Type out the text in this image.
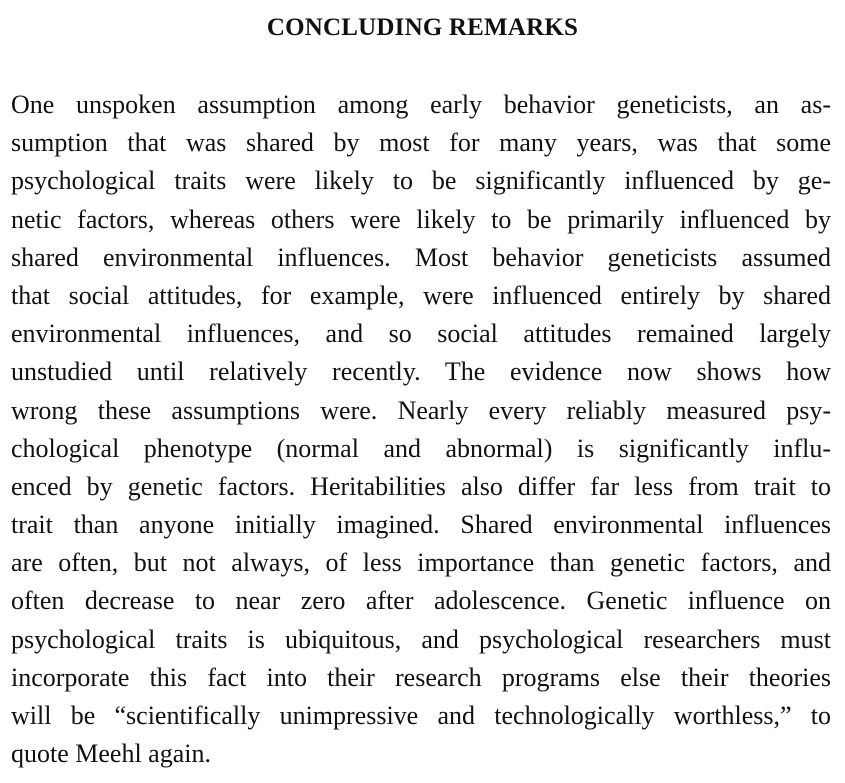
CONCLUDING REMARKS
One unspoken assumption among early behavior geneticists, an as-
sumption that was shared by most for many years, was that some
psychological traits were likely to be significantly influenced by ge-
netic factors, whereas others were likely to be primarily influenced by
shared environmental influences. Most behavior geneticists assumed
that social attitudes, for example, were influenced entirely by shared
environmental influences, and so social attitudes remained largely
unstudied until relatively recently. The evidence now shows how
wrong these assumptions were. Nearly every reliably measured psy-
chological phenotype (normal and abnormal) is significantly influ-
enced by genetic factors. Heritabilities also differ far less from trait to
trait than anyone initially imagined. Shared environmental influences
are often, but not always, of less importance than genetic factors, and
often decrease to near zero after adolescence. Genetic influence on
psychological traits is ubiquitous, and psychological researchers must
incorporate this fact into their research programs else their theories
will be “scientifically unimpressive and technologically worthless,” to
quote Meehl again.
